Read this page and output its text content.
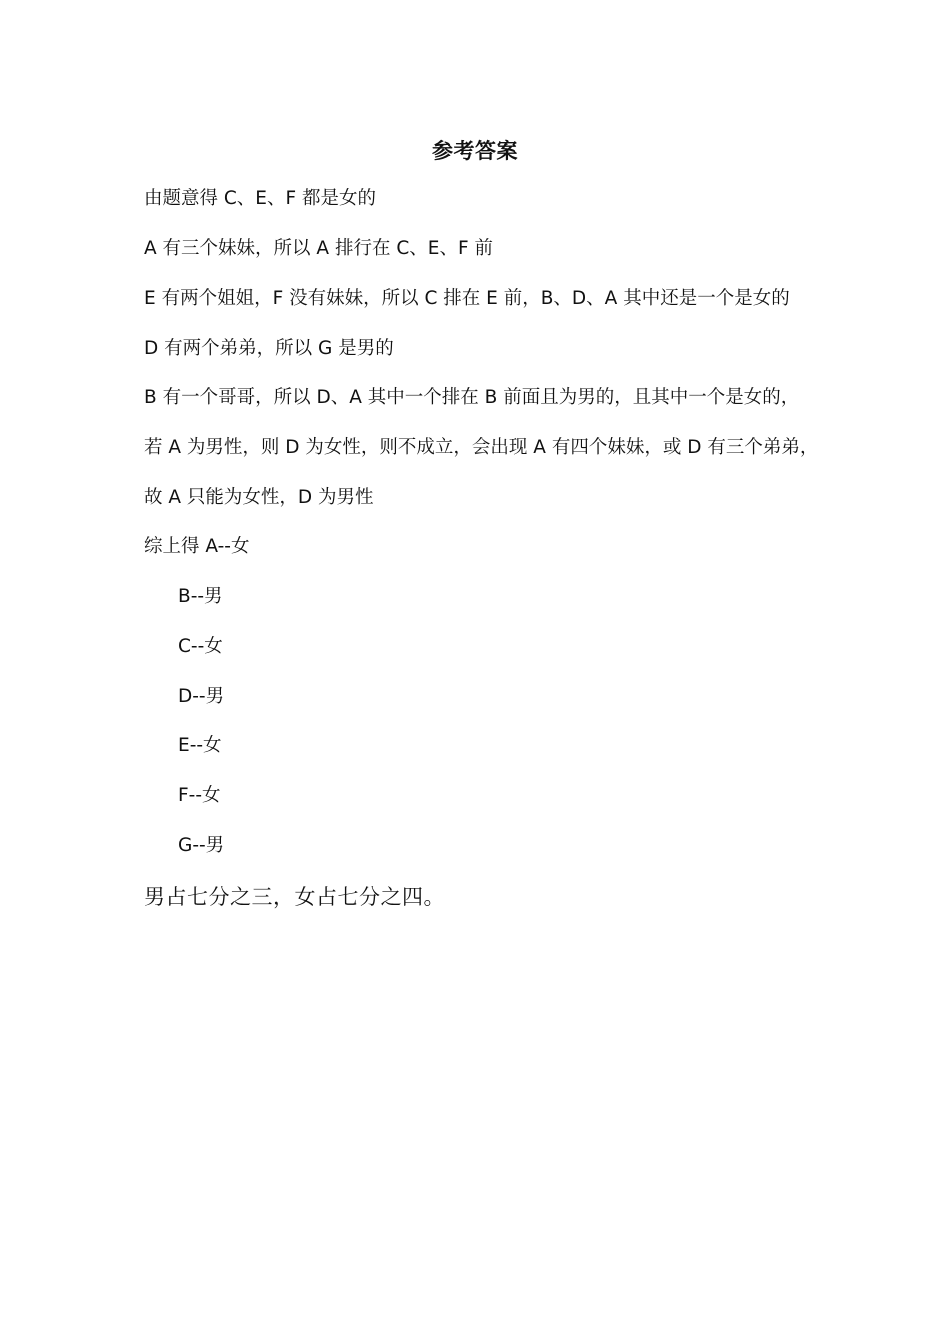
参考答案
由题意得 C、E、F 都是女的
A 有三个妹妹，所以 A 排行在 C、E、F 前
E 有两个姐姐，F 没有妹妹，所以 C 排在 E 前，B、D、A 其中还是一个是女的
D 有两个弟弟，所以 G 是男的
B 有一个哥哥，所以 D、A 其中一个排在 B 前面且为男的，且其中一个是女的，
若 A 为男性，则 D 为女性，则不成立，会出现 A 有四个妹妹，或 D 有三个弟弟，
故 A 只能为女性，D 为男性
综上得 A--女
B--男
C--女
D--男
E--女
F--女
G--男
男占七分之三，女占七分之四。
